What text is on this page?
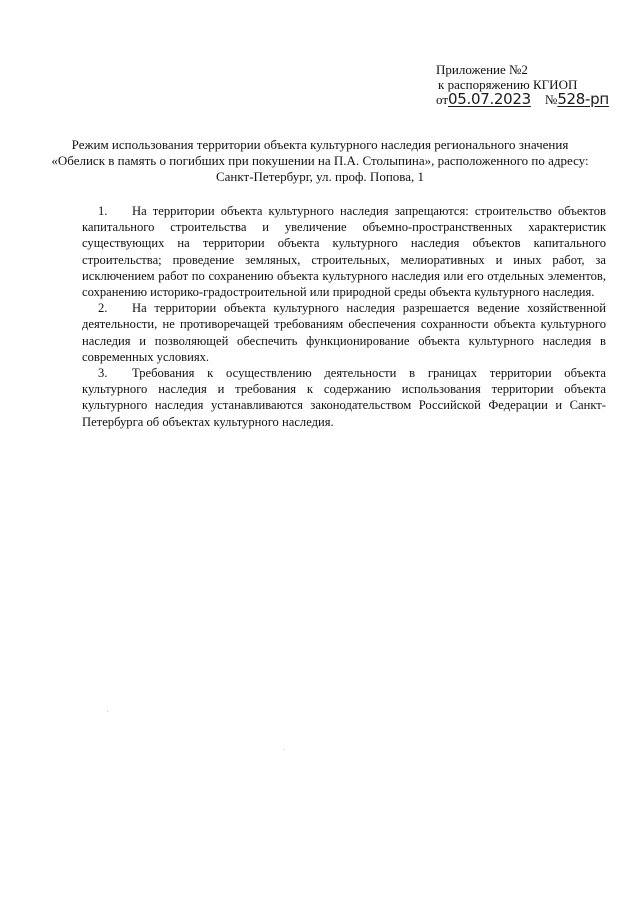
Приложение №2
к распоряжению КГИОП
от05.07.2023 №528-рп
Режим использования территории объекта культурного наследия регионального значения
«Обелиск в память о погибших при покушении на П.А. Столыпина», расположенного по адресу:
Санкт-Петербург, ул. проф. Попова, 1

1. На территории объекта культурного наследия запрещаются: строительство объектов капитального строительства и увеличение объемно-пространственных характеристик существующих на территории объекта культурного наследия объектов капитального строительства; проведение земляных, строительных, мелиоративных и иных работ, за исключением работ по сохранению объекта культурного наследия или его отдельных элементов, сохранению историко-градостроительной или природной среды объекта культурного наследия.

2. На территории объекта культурного наследия разрешается ведение хозяйственной деятельности, не противоречащей требованиям обеспечения сохранности объекта культурного наследия и позволяющей обеспечить функционирование объекта культурного наследия в современных условиях.

3. Требования к осуществлению деятельности в границах территории объекта культурного наследия и требования к содержанию использования территории объекта культурного наследия устанавливаются законодательством Российской Федерации и Санкт-Петербурга об объектах культурного наследия.
